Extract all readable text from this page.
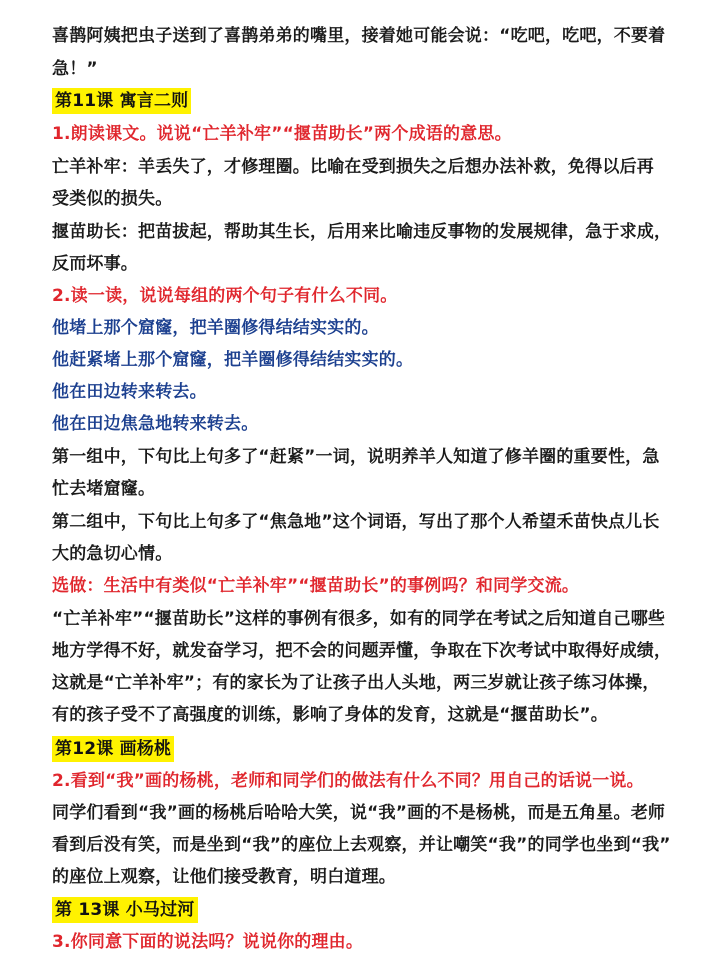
喜鹊阿姨把虫子送到了喜鹊弟弟的嘴里，接着她可能会说：“吃吧，吃吧，不要着
急！”
第11课 寓言二则
1.朗读课文。说说“亡羊补牢”“揠苗助长”两个成语的意思。
亡羊补牢：羊丢失了，才修理圈。比喻在受到损失之后想办法补救，免得以后再
受类似的损失。
揠苗助长：把苗拔起，帮助其生长，后用来比喻违反事物的发展规律，急于求成，
反而坏事。
2.读一读，说说每组的两个句子有什么不同。
他堵上那个窟窿，把羊圈修得结结实实的。
他赶紧堵上那个窟窿，把羊圈修得结结实实的。
他在田边转来转去。
他在田边焦急地转来转去。
第一组中，下句比上句多了“赶紧”一词，说明养羊人知道了修羊圈的重要性，急
忙去堵窟窿。
第二组中，下句比上句多了“焦急地”这个词语，写出了那个人希望禾苗快点儿长
大的急切心情。
选做：生活中有类似“亡羊补牢”“揠苗助长”的事例吗？和同学交流。
“亡羊补牢”“揠苗助长”这样的事例有很多，如有的同学在考试之后知道自己哪些
地方学得不好，就发奋学习，把不会的问题弄懂，争取在下次考试中取得好成绩，
这就是“亡羊补牢”；有的家长为了让孩子出人头地，两三岁就让孩子练习体操，
有的孩子受不了高强度的训练，影响了身体的发育，这就是“揠苗助长”。
第12课 画杨桃
2.看到“我”画的杨桃，老师和同学们的做法有什么不同？用自己的话说一说。
同学们看到“我”画的杨桃后哈哈大笑，说“我”画的不是杨桃，而是五角星。老师
看到后没有笑，而是坐到“我”的座位上去观察，并让嘲笑“我”的同学也坐到“我”
的座位上观察，让他们接受教育，明白道理。
第 13课 小马过河
3.你同意下面的说法吗？说说你的理由。
